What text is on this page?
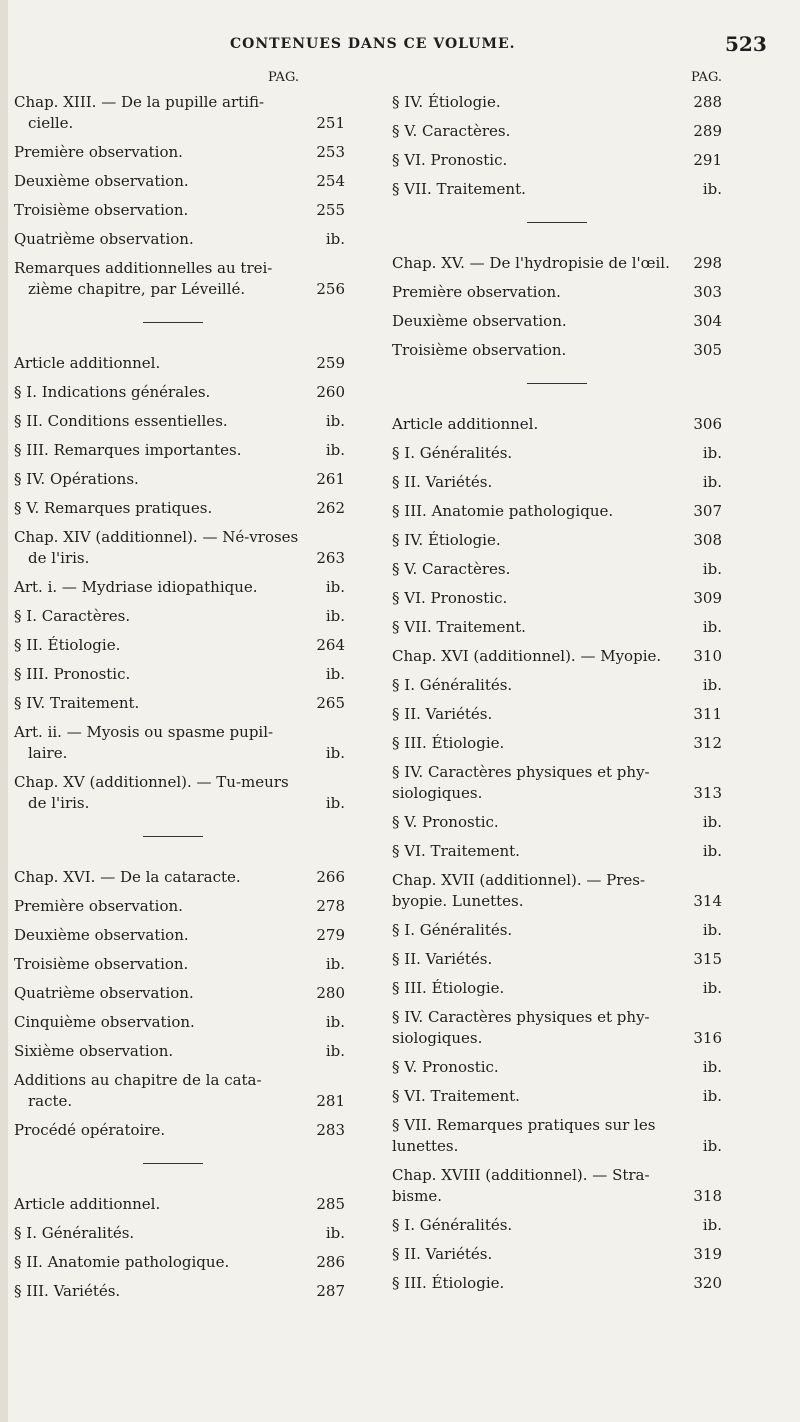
CONTENUES DANS CE VOLUME.	523
PAG.
Chap. XIII. — De la pupille artifi-cielle.	251
Première observation.	253
Deuxième observation.	254
Troisième observation.	255
Quatrième observation.	ib.
Remarques additionnelles au trei-zième chapitre, par Léveillé.	256
Article additionnel.	259
§ I. Indications générales.	260
§ II. Conditions essentielles.	ib.
§ III. Remarques importantes.	ib.
§ IV. Opérations.	261
§ V. Remarques pratiques.	262
Chap. XIV (additionnel). — Né-vroses de l'iris.	263
Art. i. — Mydriase idiopathique.	ib.
§ I. Caractères.	ib.
§ II. Étiologie.	264
§ III. Pronostic.	ib.
§ IV. Traitement.	265
Art. ii. — Myosis ou spasme pupil-laire.	ib.
Chap. XV (additionnel). — Tu-meurs de l'iris.	ib.
Chap. XVI. — De la cataracte.	266
Première observation.	278
Deuxième observation.	279
Troisième observation.	ib.
Quatrième observation.	280
Cinquième observation.	ib.
Sixième observation.	ib.
Additions au chapitre de la cata-racte.	281
Procédé opératoire.	283
Article additionnel.	285
§ I. Généralités.	ib.
§ II. Anatomie pathologique.	286
§ III. Variétés.	287
PAG.
§ IV. Étiologie.	288
§ V. Caractères.	289
§ VI. Pronostic.	291
§ VII. Traitement.	ib.
Chap. XV. — De l'hydropisie de l'œil.	298
Première observation.	303
Deuxième observation.	304
Troisième observation.	305
Article additionnel.	306
§ I. Généralités.	ib.
§ II. Variétés.	ib.
§ III. Anatomie pathologique.	307
§ IV. Étiologie.	308
§ V. Caractères.	ib.
§ VI. Pronostic.	309
§ VII. Traitement.	ib.
Chap. XVI (additionnel). — Myopie.	310
§ I. Généralités.	ib.
§ II. Variétés.	311
§ III. Étiologie.	312
§ IV. Caractères physiques et phy-siologiques.	313
§ V. Pronostic.	ib.
§ VI. Traitement.	ib.
Chap. XVII (additionnel). — Pres-byopie. Lunettes.	314
§ I. Généralités.	ib.
§ II. Variétés.	315
§ III. Étiologie.	ib.
§ IV. Caractères physiques et phy-siologiques.	316
§ V. Pronostic.	ib.
§ VI. Traitement.	ib.
§ VII. Remarques pratiques sur les lunettes.	ib.
Chap. XVIII (additionnel). — Stra-bisme.	318
§ I. Généralités.	ib.
§ II. Variétés.	319
§ III. Étiologie.	320
